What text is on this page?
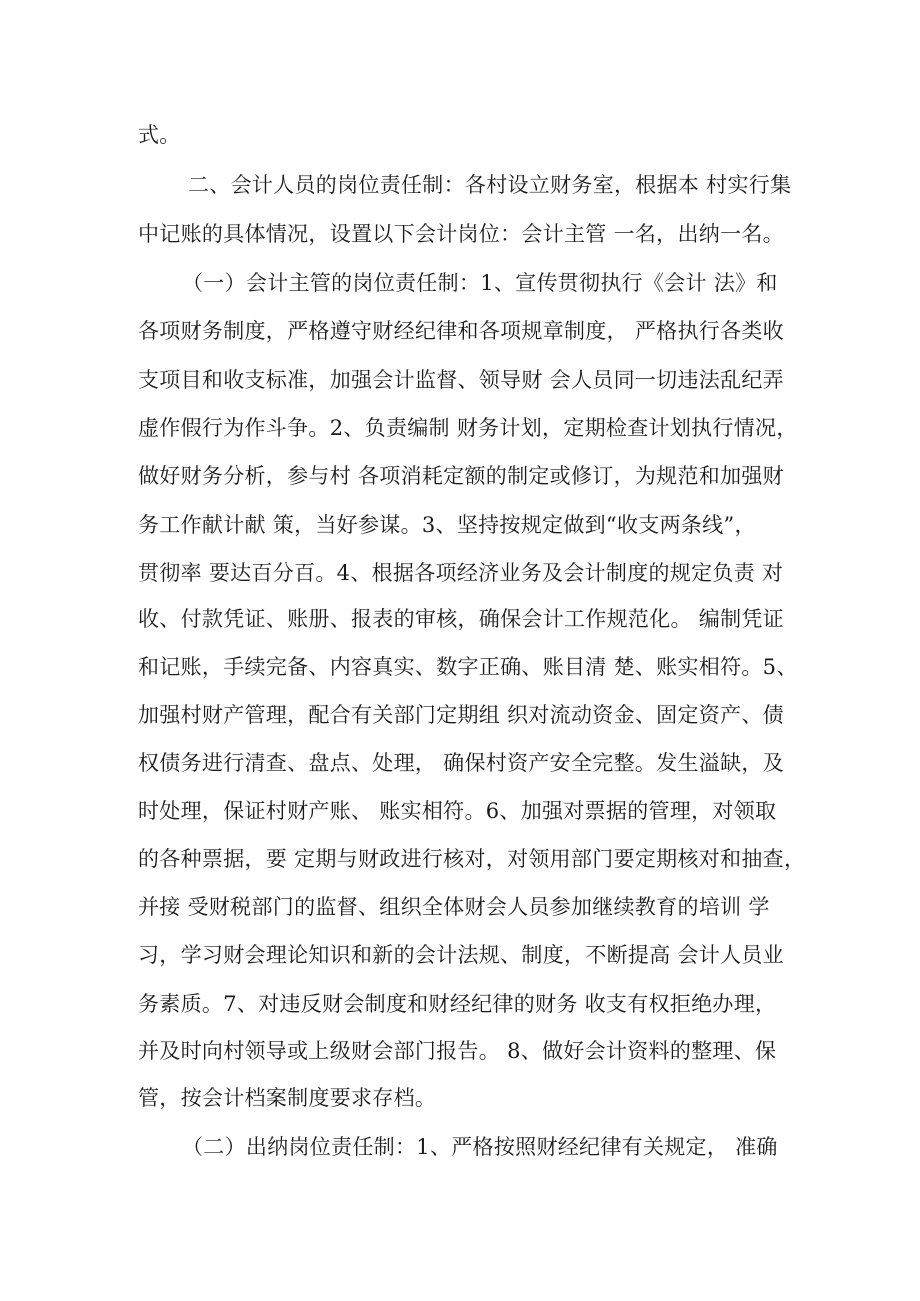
式。
二、会计人员的岗位责任制：各村设立财务室，根据本 村实行集
中记账的具体情况，设置以下会计岗位：会计主管 一名，出纳一名。
（一）会计主管的岗位责任制：1、宣传贯彻执行《会计 法》和
各项财务制度，严格遵守财经纪律和各项规章制度， 严格执行各类收
支项目和收支标准，加强会计监督、领导财 会人员同一切违法乱纪弄
虚作假行为作斗争。2、负责编制 财务计划，定期检查计划执行情况，
做好财务分析，参与村 各项消耗定额的制定或修订，为规范和加强财
务工作献计献 策，当好参谋。3、坚持按规定做到“收支两条线”，
贯彻率 要达百分百。4、根据各项经济业务及会计制度的规定负责 对
收、付款凭证、账册、报表的审核，确保会计工作规范化。 编制凭证
和记账，手续完备、内容真实、数字正确、账目清 楚、账实相符。5、
加强村财产管理，配合有关部门定期组 织对流动资金、固定资产、债
权债务进行清查、盘点、处理， 确保村资产安全完整。发生溢缺，及
时处理，保证村财产账、 账实相符。6、加强对票据的管理，对领取
的各种票据，要 定期与财政进行核对，对领用部门要定期核对和抽查，
并接 受财税部门的监督、组织全体财会人员参加继续教育的培训 学
习，学习财会理论知识和新的会计法规、制度，不断提高 会计人员业
务素质。7、对违反财会制度和财经纪律的财务 收支有权拒绝办理，
并及时向村领导或上级财会部门报告。 8、做好会计资料的整理、保
管，按会计档案制度要求存档。
（二）出纳岗位责任制：1、严格按照财经纪律有关规定， 准确
